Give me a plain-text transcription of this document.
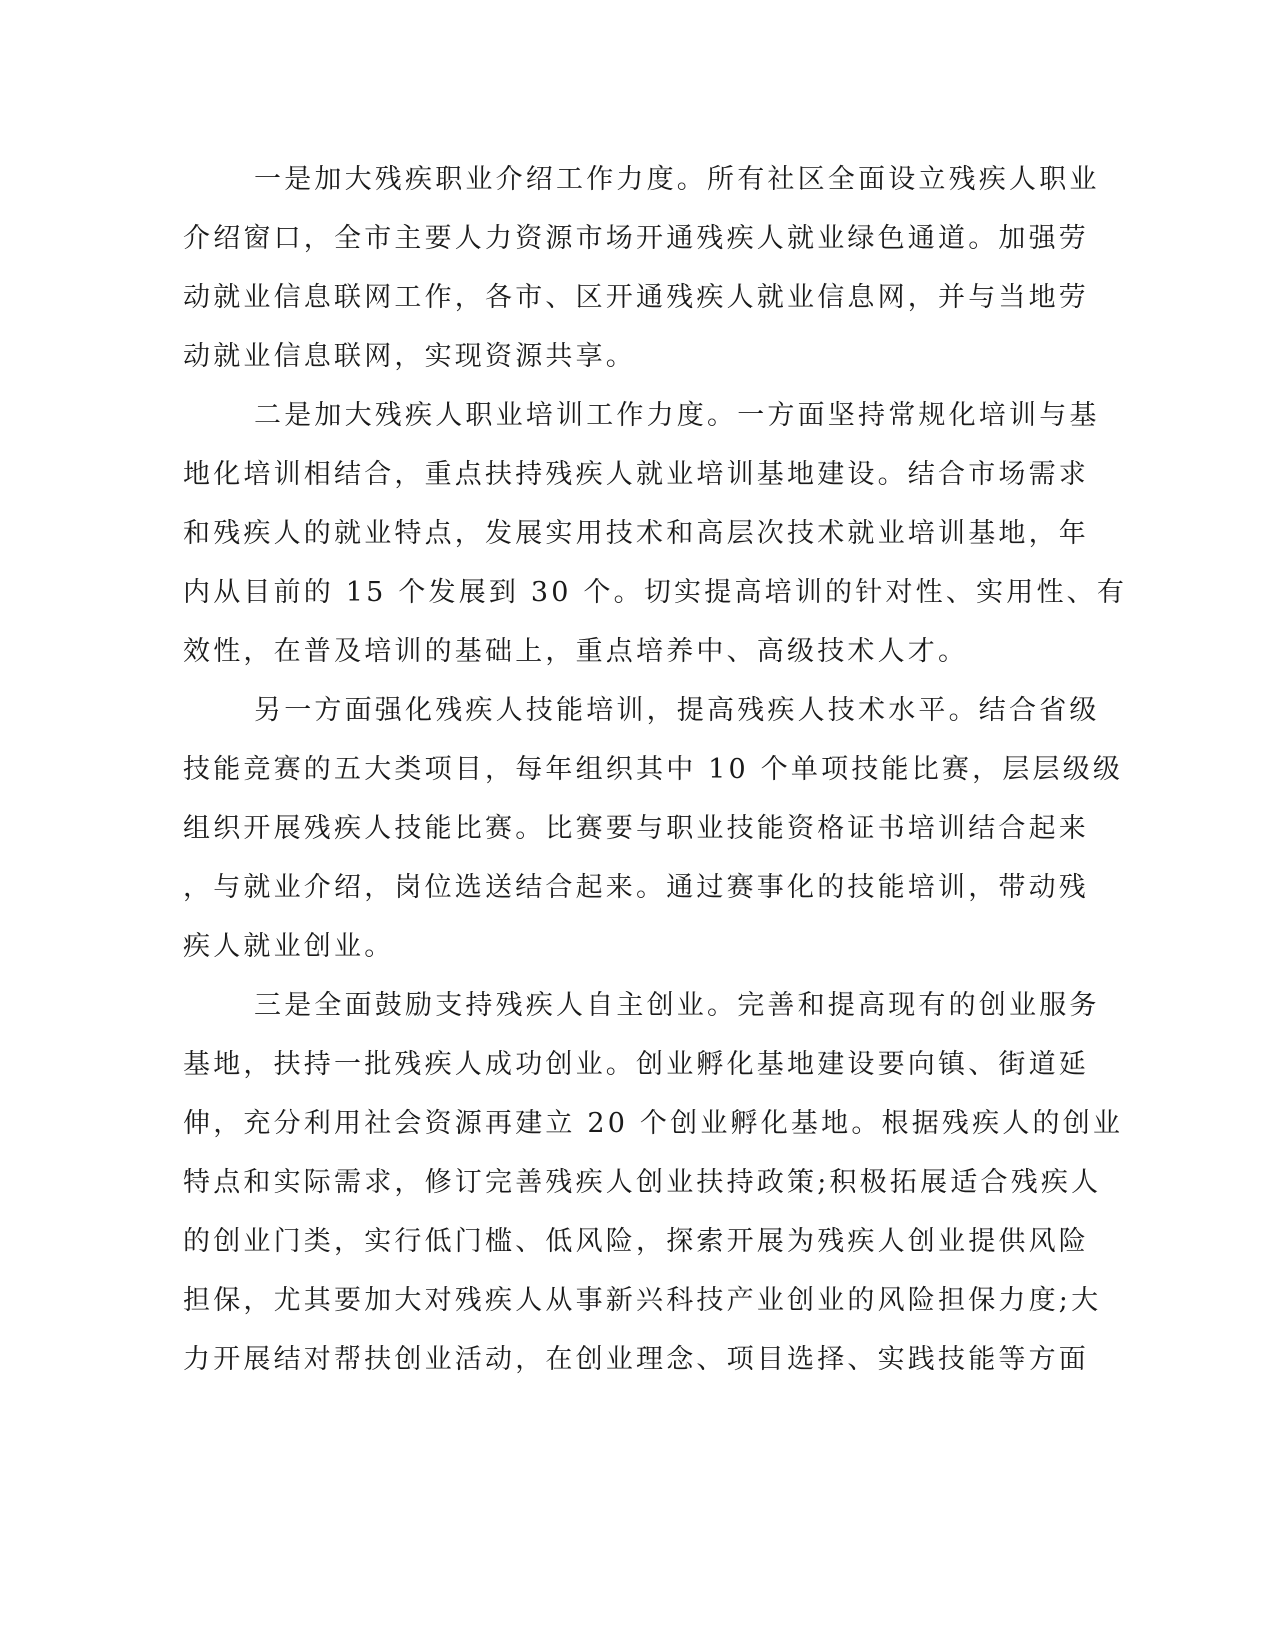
一是加大残疾职业介绍工作力度。所有社区全面设立残疾人职业
介绍窗口，全市主要人力资源市场开通残疾人就业绿色通道。加强劳
动就业信息联网工作，各市、区开通残疾人就业信息网，并与当地劳
动就业信息联网，实现资源共享。
二是加大残疾人职业培训工作力度。一方面坚持常规化培训与基
地化培训相结合，重点扶持残疾人就业培训基地建设。结合市场需求
和残疾人的就业特点，发展实用技术和高层次技术就业培训基地，年
内从目前的 15 个发展到 30 个。切实提高培训的针对性、实用性、有
效性，在普及培训的基础上，重点培养中、高级技术人才。
另一方面强化残疾人技能培训，提高残疾人技术水平。结合省级
技能竞赛的五大类项目，每年组织其中 10 个单项技能比赛，层层级级
组织开展残疾人技能比赛。比赛要与职业技能资格证书培训结合起来
，与就业介绍，岗位选送结合起来。通过赛事化的技能培训，带动残
疾人就业创业。
三是全面鼓励支持残疾人自主创业。完善和提高现有的创业服务
基地，扶持一批残疾人成功创业。创业孵化基地建设要向镇、街道延
伸，充分利用社会资源再建立 20 个创业孵化基地。根据残疾人的创业
特点和实际需求，修订完善残疾人创业扶持政策;积极拓展适合残疾人
的创业门类，实行低门槛、低风险，探索开展为残疾人创业提供风险
担保，尤其要加大对残疾人从事新兴科技产业创业的风险担保力度;大
力开展结对帮扶创业活动，在创业理念、项目选择、实践技能等方面
